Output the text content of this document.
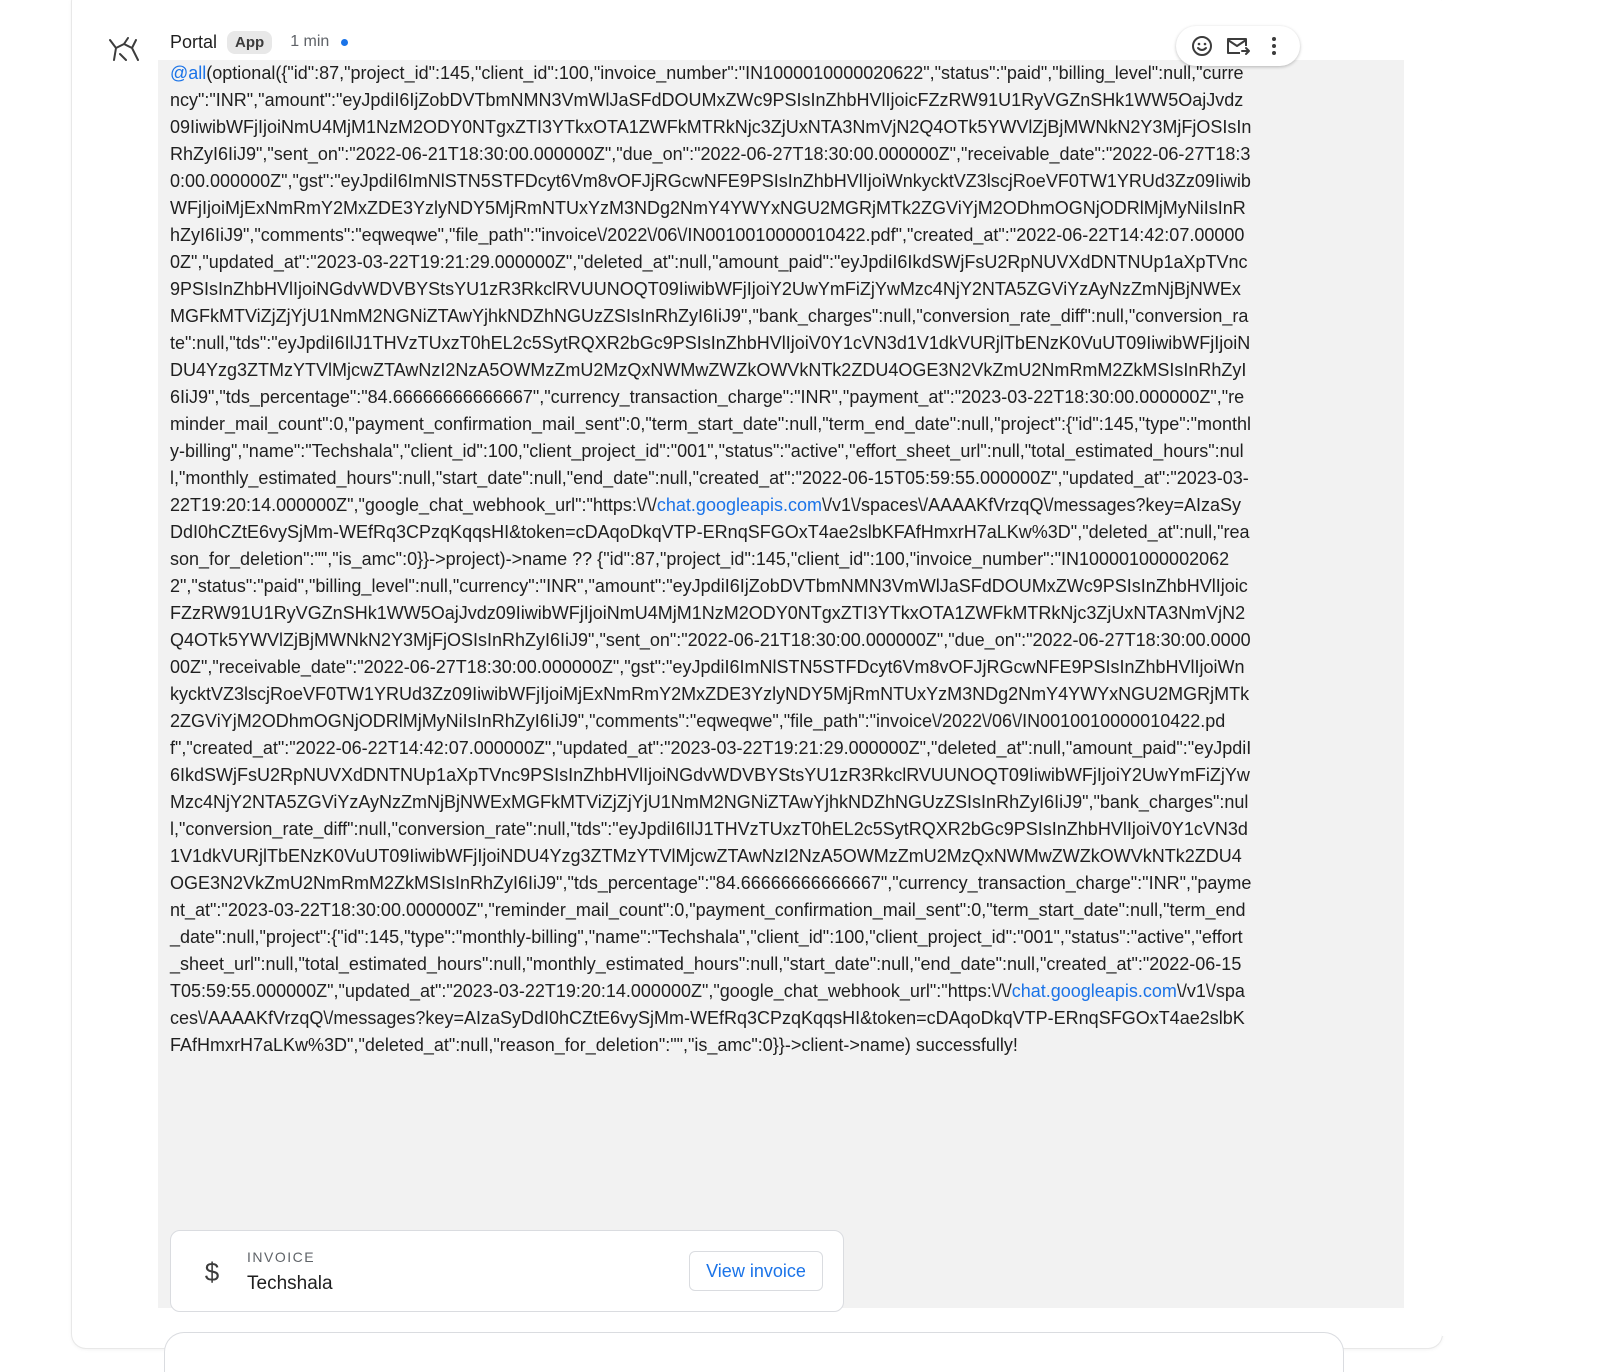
Portal	App	1 min
@all(optional({"id":87,"project_id":145,"client_id":100,"invoice_number":"IN1000010000020622","status":"paid","billing_level":null,"currency":"INR","amount":"eyJpdiI6IjZobDVTbmNMN3VmWlJaSFdDOUMxZWc9PSIsInZhbHVlIjoicFZzRW91U1RyVGZnSHk1WW5OajJvdz09IiwibWFjIjoiNmU4MjM1NzM2ODY0NTgxZTI3YTkxOTA1ZWFkMTRkNjc3ZjUxNTA3NmVjN2Q4OTk5YWVlZjBjMWNkN2Y3MjFjOSIsInRhZyI6IiJ9","sent_on":"2022-06-21T18:30:00.000000Z","due_on":"2022-06-27T18:30:00.000000Z","receivable_date":"2022-06-27T18:30:00.000000Z","gst":"eyJpdiI6ImNlSTN5STFDcyt6Vm8vOFJjRGcwNFE9PSIsInZhbHVlIjoiWnkycktVZ3lscjRoeVF0TW1YRUd3Zz09IiwibWFjIjoiMjExNmRmY2MxZDE3YzlyNDY5MjRmNTUxYzM3NDg2NmY4YWYxNGU2MGRjMTk2ZGViYjM2ODhmOGNjODRlMjMyNiIsInRhZyI6IiJ9","comments":"eqweqwe","file_path":"invoice\/2022\/06\/IN0010010000010422.pdf","created_at":"2022-06-22T14:42:07.000000Z","updated_at":"2023-03-22T19:21:29.000000Z","deleted_at":null,"amount_paid":"eyJpdiI6IkdSWjFsU2RpNUVXdDNTNUp1aXpTVnc9PSIsInZhbHVlIjoiNGdvWDVBYStsYU1zR3RkclRVUUNOQT09IiwibWFjIjoiY2UwYmFiZjYwMzc4NjY2NTA5ZGViYzAyNzZmNjBjNWExMGFkMTViZjZjYjU1NmM2NGNiZTAwYjhkNDZhNGUzZSIsInRhZyI6IiJ9","bank_charges":null,"conversion_rate_diff":null,"conversion_rate":null,"tds":"eyJpdiI6IlJ1THVzTUxzT0hEL2c5SytRQXR2bGc9PSIsInZhbHVlIjoiV0Y1cVN3d1V1dkVURjlTbENzK0VuUT09IiwibWFjIjoiNDU4Yzg3ZTMzYTVlMjcwZTAwNzI2NzA5OWMzZmU2MzQxNWMwZWZkOWVkNTk2ZDU4OGE3N2VkZmU2NmRmM2ZkMSIsInRhZyI6IiJ9","tds_percentage":"84.66666666666667","currency_transaction_charge":"INR","payment_at":"2023-03-22T18:30:00.000000Z","reminder_mail_count":0,"payment_confirmation_mail_sent":0,"term_start_date":null,"term_end_date":null,"project":{"id":145,"type":"monthly-billing","name":"Techshala","client_id":100,"client_project_id":"001","status":"active","effort_sheet_url":null,"total_estimated_hours":null,"monthly_estimated_hours":null,"start_date":null,"end_date":null,"created_at":"2022-06-15T05:59:55.000000Z","updated_at":"2023-03-22T19:20:14.000000Z","google_chat_webhook_url":"https:\/\/chat.googleapis.com\/v1\/spaces\/AAAAKfVrzqQ\/messages?key=AIzaSyDdI0hCZtE6vySjMm-WEfRq3CPzqKqqsHI&token=cDAqoDkqVTP-ERnqSFGOxT4ae2slbKFAfHmxrH7aLKw%3D","deleted_at":null,"reason_for_deletion":"","is_amc":0}}->project)->name ?? {"id":87,"project_id":145,"client_id":100,"invoice_number":"IN1000010000020622","status":"paid","billing_level":null,"currency":"INR","amount":"eyJpdiI6IjZobDVTbmNMN3VmWlJaSFdDOUMxZWc9PSIsInZhbHVlIjoicFZzRW91U1RyVGZnSHk1WW5OajJvdz09IiwibWFjIjoiNmU4MjM1NzM2ODY0NTgxZTI3YTkxOTA1ZWFkMTRkNjc3ZjUxNTA3NmVjN2Q4OTk5YWVlZjBjMWNkN2Y3MjFjOSIsInRhZyI6IiJ9","sent_on":"2022-06-21T18:30:00.000000Z","due_on":"2022-06-27T18:30:00.000000Z","receivable_date":"2022-06-27T18:30:00.000000Z","gst":"eyJpdiI6ImNlSTN5STFDcyt6Vm8vOFJjRGcwNFE9PSIsInZhbHVlIjoiWnkycktVZ3lscjRoeVF0TW1YRUd3Zz09IiwibWFjIjoiMjExNmRmY2MxZDE3YzlyNDY5MjRmNTUxYzM3NDg2NmY4YWYxNGU2MGRjMTk2ZGViYjM2ODhmOGNjODRlMjMyNiIsInRhZyI6IiJ9","comments":"eqweqwe","file_path":"invoice\/2022\/06\/IN0010010000010422.pdf","created_at":"2022-06-22T14:42:07.000000Z","updated_at":"2023-03-22T19:21:29.000000Z","deleted_at":null,"amount_paid":"eyJpdiI6IkdSWjFsU2RpNUVXdDNTNUp1aXpTVnc9PSIsInZhbHVlIjoiNGdvWDVBYStsYU1zR3RkclRVUUNOQT09IiwibWFjIjoiY2UwYmFiZjYwMzc4NjY2NTA5ZGViYzAyNzZmNjBjNWExMGFkMTViZjZjYjU1NmM2NGNiZTAwYjhkNDZhNGUzZSIsInRhZyI6IiJ9","bank_charges":null,"conversion_rate_diff":null,"conversion_rate":null,"tds":"eyJpdiI6IlJ1THVzTUxzT0hEL2c5SytRQXR2bGc9PSIsInZhbHVlIjoiV0Y1cVN3d1V1dkVURjlTbENzK0VuUT09IiwibWFjIjoiNDU4Yzg3ZTMzYTVlMjcwZTAwNzI2NzA5OWMzZmU2MzQxNWMwZWZkOWVkNTk2ZDU4OGE3N2VkZmU2NmRmM2ZkMSIsInRhZyI6IiJ9","tds_percentage":"84.66666666666667","currency_transaction_charge":"INR","payment_at":"2023-03-22T18:30:00.000000Z","reminder_mail_count":0,"payment_confirmation_mail_sent":0,"term_start_date":null,"term_end_date":null,"project":{"id":145,"type":"monthly-billing","name":"Techshala","client_id":100,"client_project_id":"001","status":"active","effort_sheet_url":null,"total_estimated_hours":null,"monthly_estimated_hours":null,"start_date":null,"end_date":null,"created_at":"2022-06-15T05:59:55.000000Z","updated_at":"2023-03-22T19:20:14.000000Z","google_chat_webhook_url":"https:\/\/chat.googleapis.com\/v1\/spaces\/AAAAKfVrzqQ\/messages?key=AIzaSyDdI0hCZtE6vySjMm-WEfRq3CPzqKqqsHI&token=cDAqoDkqVTP-ERnqSFGOxT4ae2slbKFAfHmxrH7aLKw%3D","deleted_at":null,"reason_for_deletion":"","is_amc":0}}->client->name) successfully!
$	INVOICE
Techshala
View invoice
